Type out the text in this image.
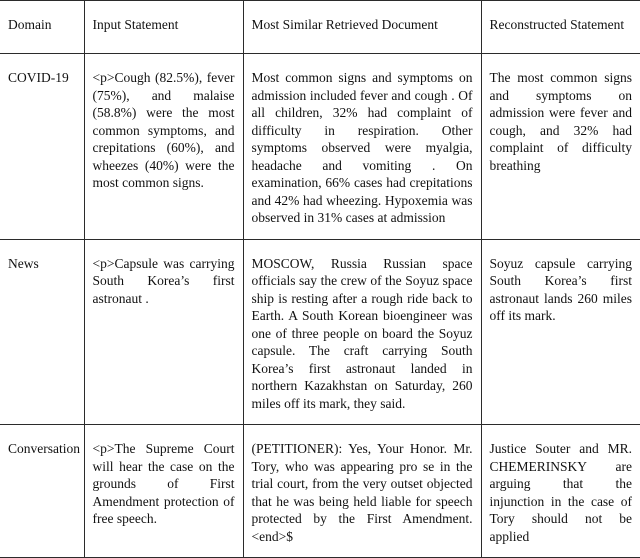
Domain	Input Statement	Most Similar Retrieved Document	Reconstructed Statement
COVID-19	<p>Cough (82.5%), fever (75%), and malaise (58.8%) were the most common symptoms, and crepitations (60%), and wheezes (40%) were the most common signs.	Most common signs and symptoms on admission included fever and cough . Of all children, 32% had complaint of difficulty in respiration. Other symptoms observed were myalgia, headache and vomiting . On examination, 66% cases had crepitations and 42% had wheezing. Hypoxemia was observed in 31% cases at admission	The most common signs and symptoms on admission were fever and cough, and 32% had complaint of difficulty breathing
News	<p>Capsule was carrying South Korea’s first astronaut .	MOSCOW, Russia Russian space officials say the crew of the Soyuz space ship is resting after a rough ride back to Earth. A South Korean bioengineer was one of three people on board the Soyuz capsule. The craft carrying South Korea’s first astronaut landed in northern Kazakhstan on Saturday, 260 miles off its mark, they said.	Soyuz capsule carrying South Korea’s first astronaut lands 260 miles off its mark.
Conversation	<p>The Supreme Court will hear the case on the grounds of First Amendment protection of free speech.	(PETITIONER): Yes, Your Honor. Mr. Tory, who was appearing pro se in the trial court, from the very outset objected that he was being held liable for speech protected by the First Amendment. <end>$	Justice Souter and MR. CHEMERINSKY are arguing that the injunction in the case of Tory should not be applied
